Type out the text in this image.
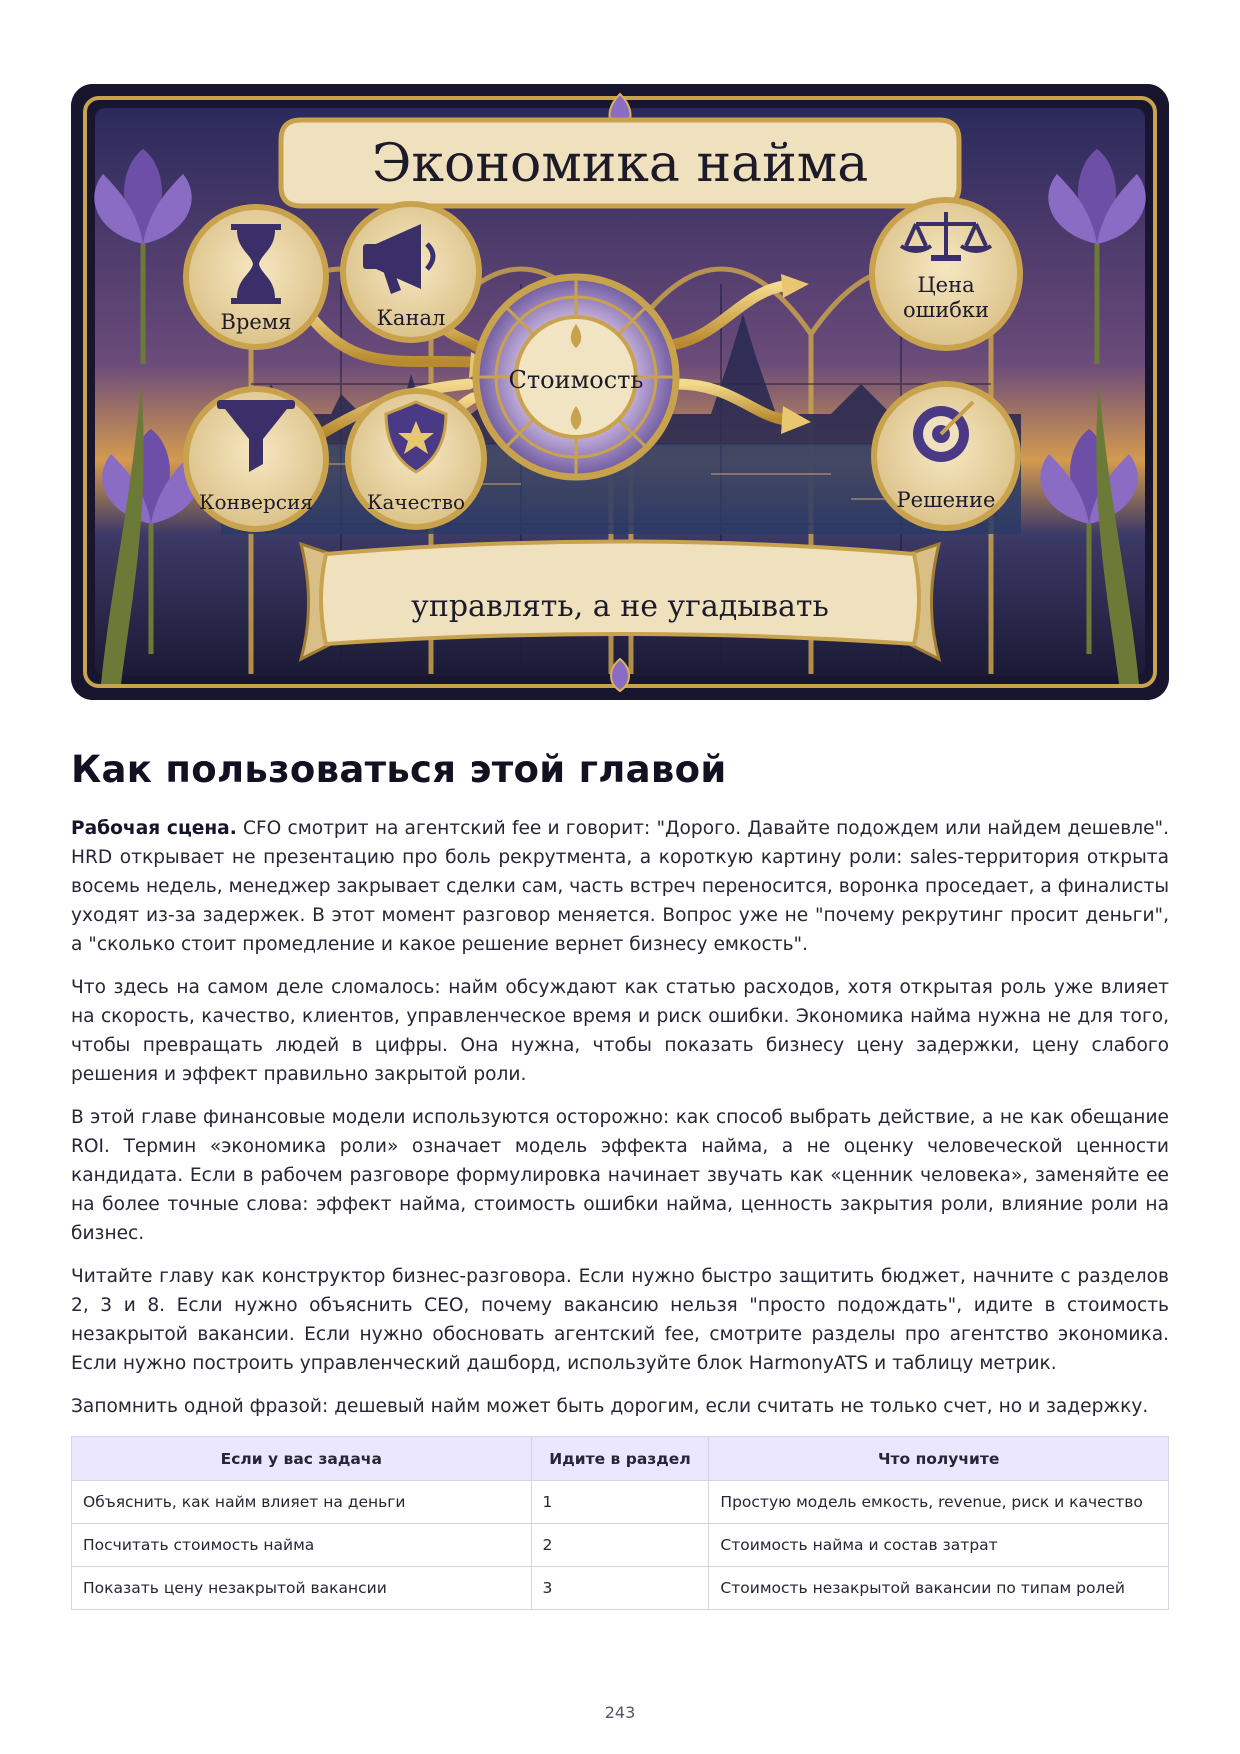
Экономика найма
Стоимость
Время	Канал
Конверсия	Качество
Цена
ошибки
Решение
управлять, а не угадывать
Как пользоваться этой главой

Рабочая сцена. CFO смотрит на агентский fee и говорит: "Дорого. Давайте подождем или найдем дешевле". HRD открывает не презентацию про боль рекрутмента, а короткую картину роли: sales-территория открыта восемь недель, менеджер закрывает сделки сам, часть встреч переносится, воронка проседает, а финалисты уходят из-за задержек. В этот момент разговор меняется. Вопрос уже не "почему рекрутинг просит деньги", а "сколько стоит промедление и какое решение вернет бизнесу емкость".

Что здесь на самом деле сломалось: найм обсуждают как статью расходов, хотя открытая роль уже влияет на скорость, качество, клиентов, управленческое время и риск ошибки. Экономика найма нужна не для того, чтобы превращать людей в цифры. Она нужна, чтобы показать бизнесу цену задержки, цену слабого решения и эффект правильно закрытой роли.

В этой главе финансовые модели используются осторожно: как способ выбрать действие, а не как обещание ROI. Термин «экономика роли» означает модель эффекта найма, а не оценку человеческой ценности кандидата. Если в рабочем разговоре формулировка начинает звучать как «ценник человека», заменяйте ее на более точные слова: эффект найма, стоимость ошибки найма, ценность закрытия роли, влияние роли на бизнес.

Читайте главу как конструктор бизнес-разговора. Если нужно быстро защитить бюджет, начните с разделов 2, 3 и 8. Если нужно объяснить CEO, почему вакансию нельзя "просто подождать", идите в стоимость незакрытой вакансии. Если нужно обосновать агентский fee, смотрите разделы про агентство экономика. Если нужно построить управленческий дашборд, используйте блок HarmonyATS и таблицу метрик.

Запомнить одной фразой: дешевый найм может быть дорогим, если считать не только счет, но и задержку.

Если у вас задача	Идите в раздел	Что получите
Объяснить, как найм влияет на деньги	1	Простую модель емкость, revenue, риск и качество
Посчитать стоимость найма	2	Стоимость найма и состав затрат
Показать цену незакрытой вакансии	3	Стоимость незакрытой вакансии по типам ролей
243
